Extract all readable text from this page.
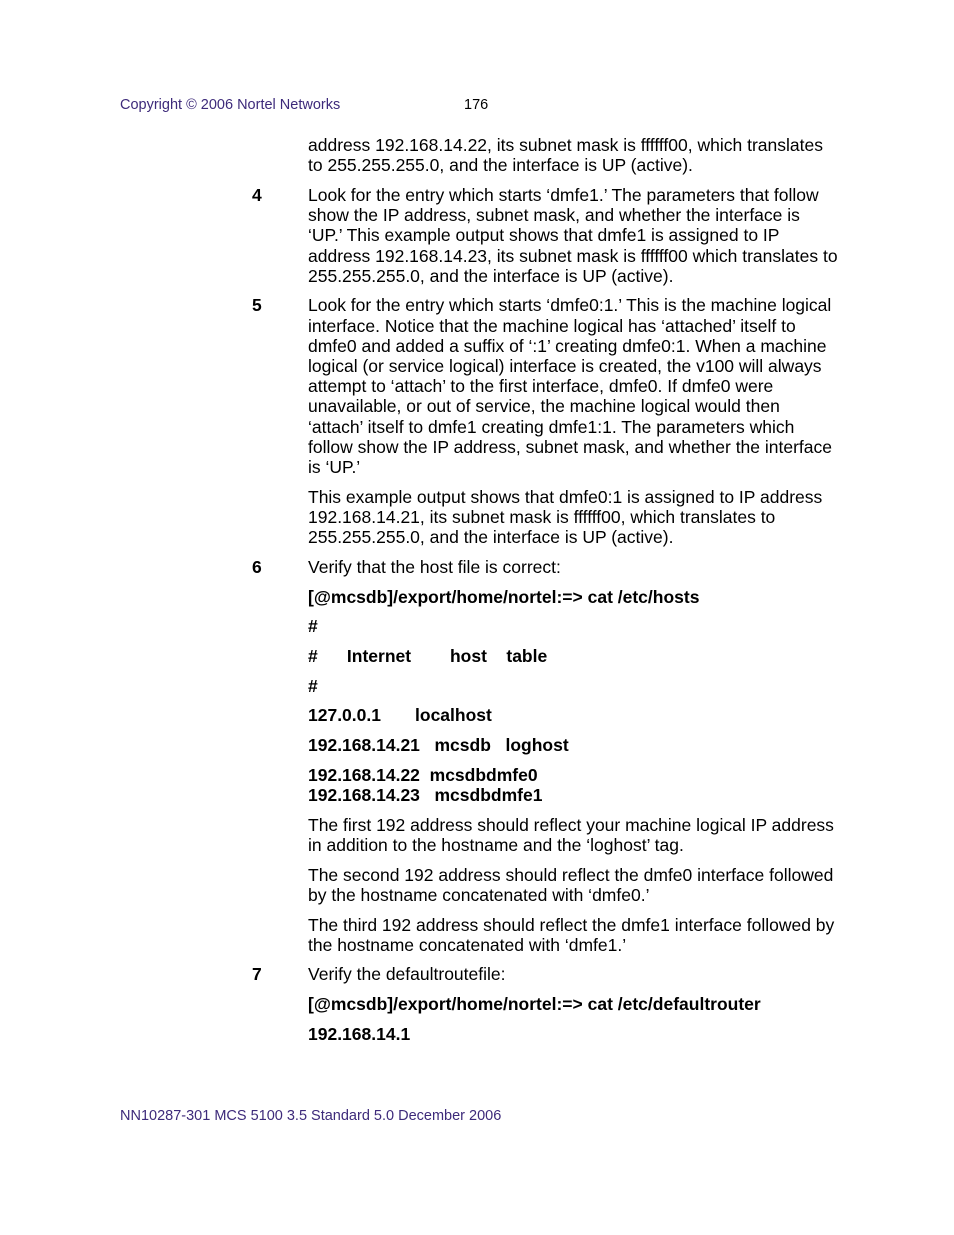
Copyright © 2006 Nortel Networks	176
address 192.168.14.22, its subnet mask is ffffff00, which translates to 255.255.255.0, and the interface is UP (active).
4	Look for the entry which starts ‘dmfe1.’ The parameters that follow show the IP address, subnet mask, and whether the interface is ‘UP.’ This example output shows that dmfe1 is assigned to IP address 192.168.14.23, its subnet mask is ffffff00 which translates to 255.255.255.0, and the interface is UP (active).
5	Look for the entry which starts ‘dmfe0:1.’ This is the machine logical interface. Notice that the machine logical has ‘attached’ itself to dmfe0 and added a suffix of ‘:1’ creating dmfe0:1. When a machine logical (or service logical) interface is created, the v100 will always attempt to ‘attach’ to the first interface, dmfe0. If dmfe0 were unavailable, or out of service, the machine logical would then ‘attach’ itself to dmfe1 creating dmfe1:1. The parameters which follow show the IP address, subnet mask, and whether the interface is ‘UP.’
This example output shows that dmfe0:1 is assigned to IP address 192.168.14.21, its subnet mask is ffffff00, which translates to 255.255.255.0, and the interface is UP (active).
6	Verify that the host file is correct:
[@mcsdb]/export/home/nortel:=> cat /etc/hosts
#
#      Internet        host    table
#
127.0.0.1       localhost
192.168.14.21   mcsdb   loghost
192.168.14.22  mcsdbdmfe0
192.168.14.23   mcsdbdmfe1
The first 192 address should reflect your machine logical IP address in addition to the hostname and the ‘loghost’ tag.
The second 192 address should reflect the dmfe0 interface followed by the hostname concatenated with ‘dmfe0.’
The third 192 address should reflect the dmfe1 interface followed by the hostname concatenated with ‘dmfe1.’
7	Verify the defaultroutefile:
[@mcsdb]/export/home/nortel:=> cat /etc/defaultrouter
192.168.14.1
NN10287-301 MCS 5100 3.5 Standard 5.0 December 2006
